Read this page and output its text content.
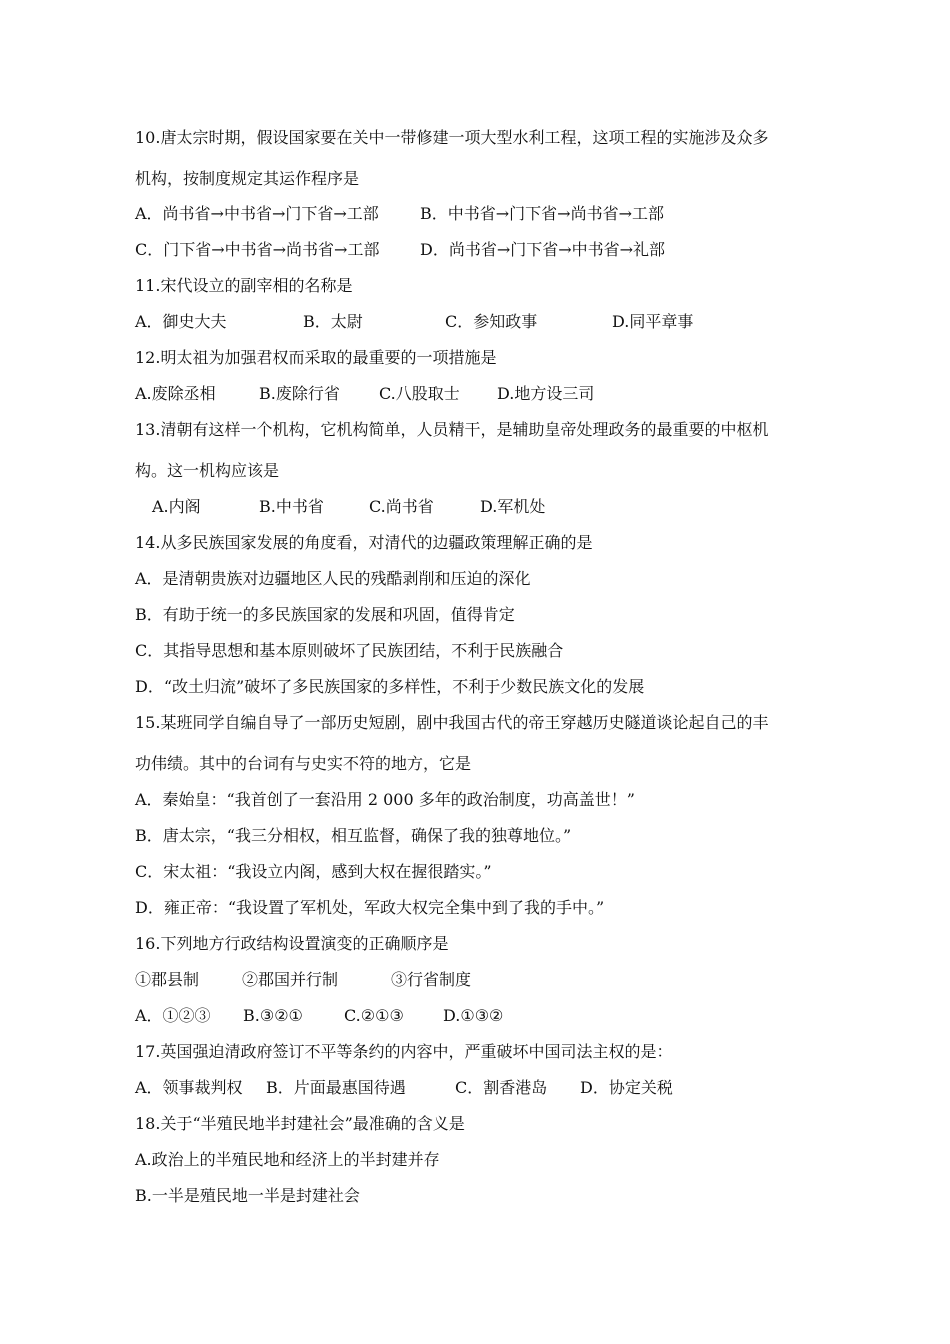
10.唐太宗时期，假设国家要在关中一带修建一项大型水利工程，这项工程的实施涉及众多
机构，按制度规定其运作程序是
A．尚书省→中书省→门下省→工部	B．中书省→门下省→尚书省→工部
C．门下省→中书省→尚书省→工部	D．尚书省→门下省→中书省→礼部
11.宋代设立的副宰相的名称是
A．御史大夫	B．太尉	C．参知政事	D.同平章事
12.明太祖为加强君权而采取的最重要的一项措施是
A.废除丞相	B.废除行省 C.八股取士 D.地方设三司
13.清朝有这样一个机构，它机构简单，人员精干，是辅助皇帝处理政务的最重要的中枢机
构。这一机构应该是
A.内阁	B.中书省	C.尚书省	D.军机处
14.从多民族国家发展的角度看，对清代的边疆政策理解正确的是
A．是清朝贵族对边疆地区人民的残酷剥削和压迫的深化
B．有助于统一的多民族国家的发展和巩固，值得肯定
C．其指导思想和基本原则破坏了民族团结，不利于民族融合
D．“改土归流”破坏了多民族国家的多样性，不利于少数民族文化的发展
15.某班同学自编自导了一部历史短剧，剧中我国古代的帝王穿越历史隧道谈论起自己的丰
功伟绩。其中的台词有与史实不符的地方，它是
A．秦始皇：“我首创了一套沿用 2 000 多年的政治制度，功高盖世！”
B．唐太宗，“我三分相权，相互监督，确保了我的独尊地位。”
C．宋太祖：“我设立内阁，感到大权在握很踏实。”
D．雍正帝：“我设置了军机处，军政大权完全集中到了我的手中。”
16.下列地方行政结构设置演变的正确顺序是
①郡县制	②郡国并行制	③行省制度
A．①②③ B.③②①	C.②①③ D.①③②
17.英国强迫清政府签订不平等条约的内容中，严重破坏中国司法主权的是：
A．领事裁判权 B．片面最惠国待遇	C．割香港岛 D．协定关税
18.关于“半殖民地半封建社会”最准确的含义是
A.政治上的半殖民地和经济上的半封建并存
B.一半是殖民地一半是封建社会
